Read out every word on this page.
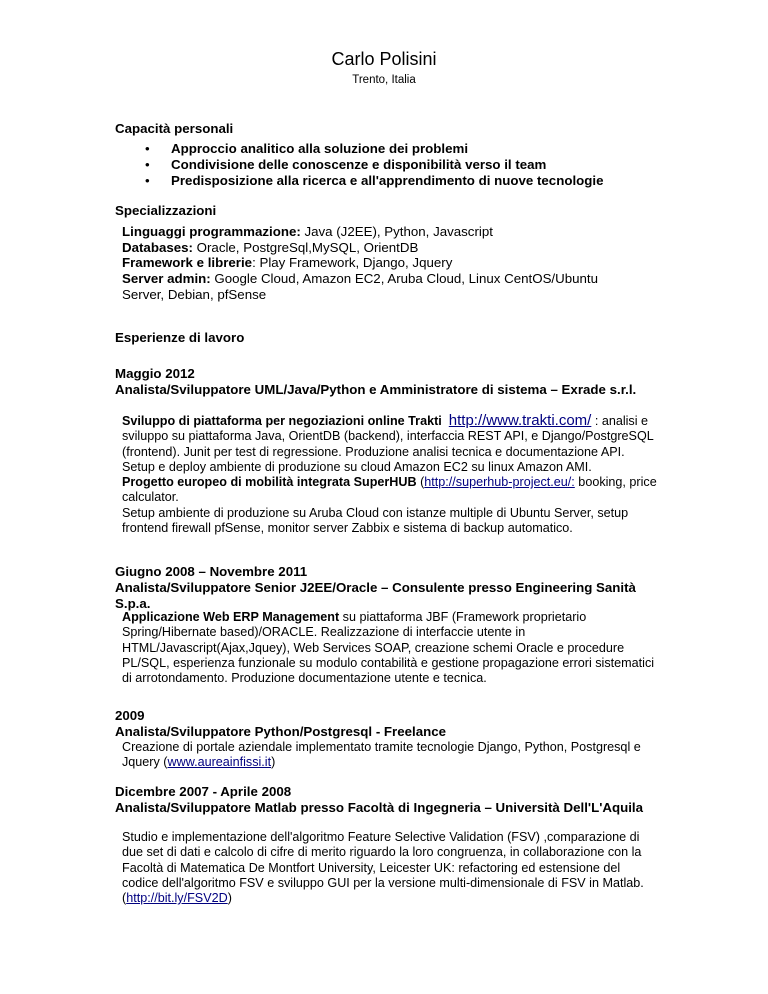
Carlo Polisini
Trento, Italia
Capacità personali
• Approccio analitico alla soluzione dei problemi
• Condivisione delle conoscenze e disponibilità verso il team
• Predisposizione alla ricerca e all'apprendimento di nuove tecnologie
Specializzazioni
Linguaggi programmazione: Java (J2EE), Python, Javascript
Databases: Oracle, PostgreSql,MySQL, OrientDB
Framework e librerie: Play Framework, Django, Jquery
Server admin: Google Cloud, Amazon EC2, Aruba Cloud, Linux CentOS/Ubuntu Server, Debian, pfSense
Esperienze di lavoro
Maggio 2012
Analista/Sviluppatore UML/Java/Python e Amministratore di sistema – Exrade s.r.l.
Sviluppo di piattaforma per negoziazioni online Trakti http://www.trakti.com/ : analisi e sviluppo su piattaforma Java, OrientDB (backend), interfaccia REST API, e Django/PostgreSQL (frontend). Junit per test di regressione. Produzione analisi tecnica e documentazione API.
Setup e deploy ambiente di produzione su cloud Amazon EC2 su linux Amazon AMI.
Progetto europeo di mobilità integrata SuperHUB (http://superhub-project.eu/: booking, price calculator.
Setup ambiente di produzione su Aruba Cloud con istanze multiple di Ubuntu Server, setup frontend firewall pfSense, monitor server Zabbix e sistema di backup automatico.
Giugno 2008 – Novembre 2011
Analista/Sviluppatore Senior J2EE/Oracle – Consulente presso Engineering Sanità S.p.a.
Applicazione Web ERP Management su piattaforma JBF (Framework proprietario Spring/Hibernate based)/ORACLE. Realizzazione di interfaccie utente in HTML/Javascript(Ajax,Jquey), Web Services SOAP, creazione schemi Oracle e procedure PL/SQL, esperienza funzionale su modulo contabilità e gestione propagazione errori sistematici di arrotondamento. Produzione documentazione utente e tecnica.
2009
Analista/Sviluppatore Python/Postgresql - Freelance
Creazione di portale aziendale implementato tramite tecnologie Django, Python, Postgresql e Jquery (www.aureainfissi.it)
Dicembre 2007 - Aprile 2008
Analista/Sviluppatore Matlab presso Facoltà di Ingegneria – Università Dell'L'Aquila
Studio e implementazione dell'algoritmo Feature Selective Validation (FSV) ,comparazione di due set di dati e calcolo di cifre di merito riguardo la loro congruenza, in collaborazione con la Facoltà di Matematica De Montfort University, Leicester UK: refactoring ed estensione del codice dell'algoritmo FSV e sviluppo GUI per la versione multi-dimensionale di FSV in Matlab. (http://bit.ly/FSV2D)
